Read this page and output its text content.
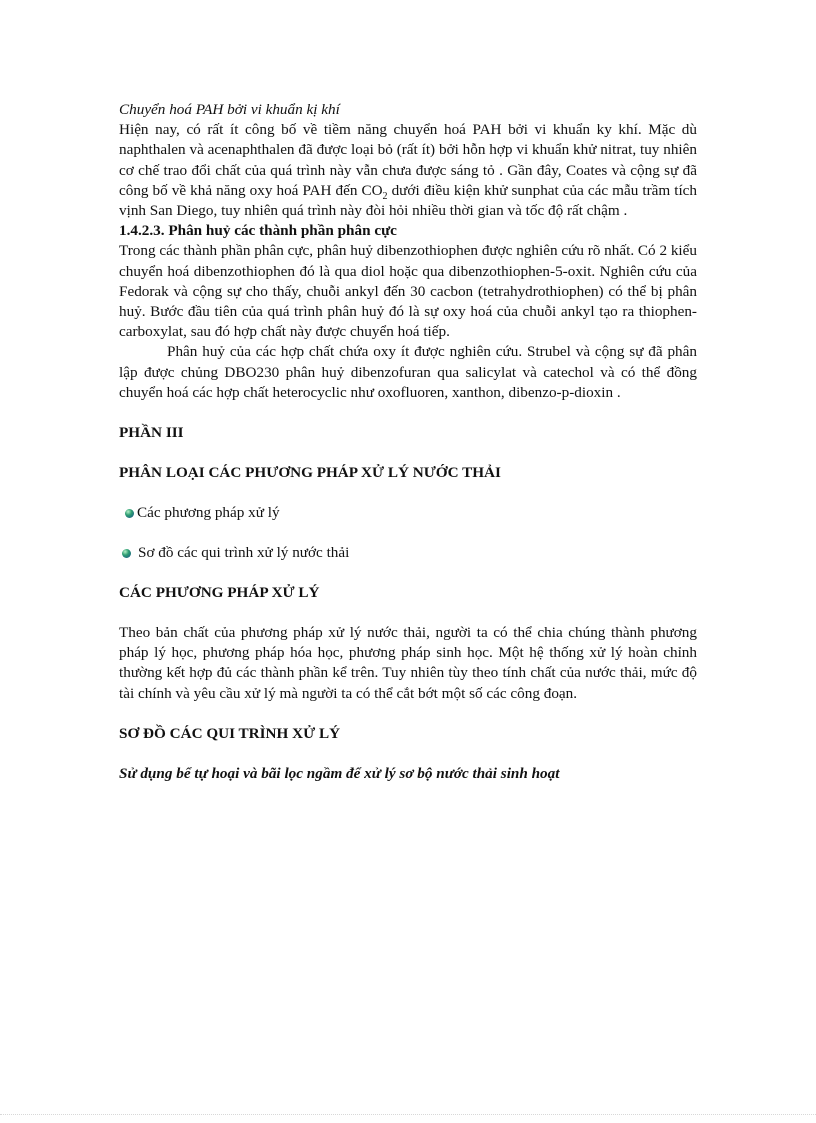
Chuyển hoá PAH bởi vi khuẩn kị khí

Hiện nay, có rất ít công bố về tiềm năng chuyển hoá PAH bởi vi khuẩn ky khí. Mặc dù naphthalen và acenaphthalen đã được loại bỏ (rất ít) bởi hỗn hợp vi khuẩn khử nitrat, tuy nhiên cơ chế trao đổi chất của quá trình này vẫn chưa được sáng tỏ . Gần đây, Coates và cộng sự đã công bố về khả năng oxy hoá PAH đến $CO_2$ dưới điều kiện khử sunphat của các mẫu trầm tích vịnh San Diego, tuy nhiên quá trình này đòi hỏi nhiều thời gian và tốc độ rất chậm .

1.4.2.3. Phân huỷ các thành phần phân cực

Trong các thành phần phân cực, phân huỷ dibenzothiophen được nghiên cứu rõ nhất. Có 2 kiểu chuyển hoá dibenzothiophen đó là qua diol hoặc qua dibenzothiophen-5-oxit. Nghiên cứu của Fedorak và cộng sự cho thấy, chuỗi ankyl đến 30 cacbon (tetrahydrothiophen) có thể bị phân huỷ. Bước đầu tiên của quá trình phân huỷ đó là sự oxy hoá của chuỗi ankyl tạo ra thiophen-carboxylat, sau đó hợp chất này được chuyển hoá tiếp.

Phân huỷ của các hợp chất chứa oxy ít được nghiên cứu. Strubel và cộng sự đã phân lập được chủng DBO230 phân huỷ dibenzofuran qua salicylat và catechol và có thể đồng chuyển hoá các hợp chất heterocyclic như oxofluoren, xanthon, dibenzo-p-dioxin .

PHẦN III

PHÂN LOẠI CÁC PHƯƠNG PHÁP XỬ LÝ NƯỚC THẢI

Các phương pháp xử lý
Sơ đồ các qui trình xử lý nước thải

CÁC PHƯƠNG PHÁP XỬ LÝ

Theo bản chất của phương pháp xử lý nước thải, người ta có thể chia chúng thành phương pháp lý học, phương pháp hóa học, phương pháp sinh học. Một hệ thống xử lý hoàn chỉnh thường kết hợp đủ các thành phần kể trên. Tuy nhiên tùy theo tính chất của nước thải, mức độ tài chính và yêu cầu xử lý mà người ta có thể cắt bớt một số các công đoạn.

SƠ ĐỒ CÁC QUI TRÌNH XỬ LÝ

Sử dụng bể tự hoại và bãi lọc ngầm để xử lý sơ bộ nước thải sinh hoạt
